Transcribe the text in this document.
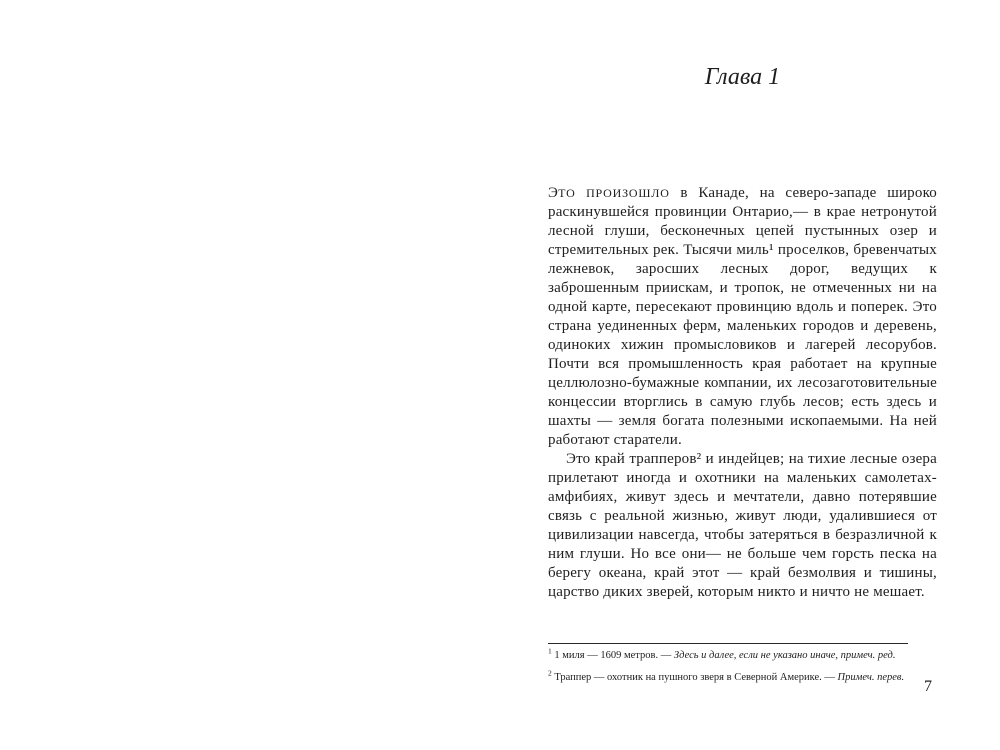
Глава 1

ЭТО ПРОИЗОШЛО в Канаде, на северо-западе широко раскинувшейся провинции Онтарио,— в крае нетронутой лесной глуши, бесконечных цепей пустынных озер и стремительных рек. Тысячи миль¹ проселков, бревенчатых лежневок, заросших лесных дорог, ведущих к заброшенным приискам, и тропок, не отмеченных ни на одной карте, пересекают провинцию вдоль и поперек. Это страна уединенных ферм, маленьких городов и деревень, одиноких хижин промысловиков и лагерей лесорубов. Почти вся промышленность края работает на крупные целлюлозно-бумажные компании, их лесозаготовительные концессии вторглись в самую глубь лесов; есть здесь и шахты — земля богата полезными ископаемыми. На ней работают старатели.

Это край трапперов² и индейцев; на тихие лесные озера прилетают иногда и охотники на маленьких самолетах-амфибиях, живут здесь и мечтатели, давно потерявшие связь с реальной жизнью, живут люди, удалившиеся от цивилизации навсегда, чтобы затеряться в безразличной к ним глуши. Но все они— не больше чем горсть песка на берегу океана, край этот — край безмолвия и тишины, царство диких зверей, которым никто и ничто не мешает.

$^1$ 1 миля — 1609 метров. — Здесь и далее, если не указано иначе, примеч. ред.

$^2$ Траппер — охотник на пушного зверя в Северной Америке. — Примеч. перев.

7
